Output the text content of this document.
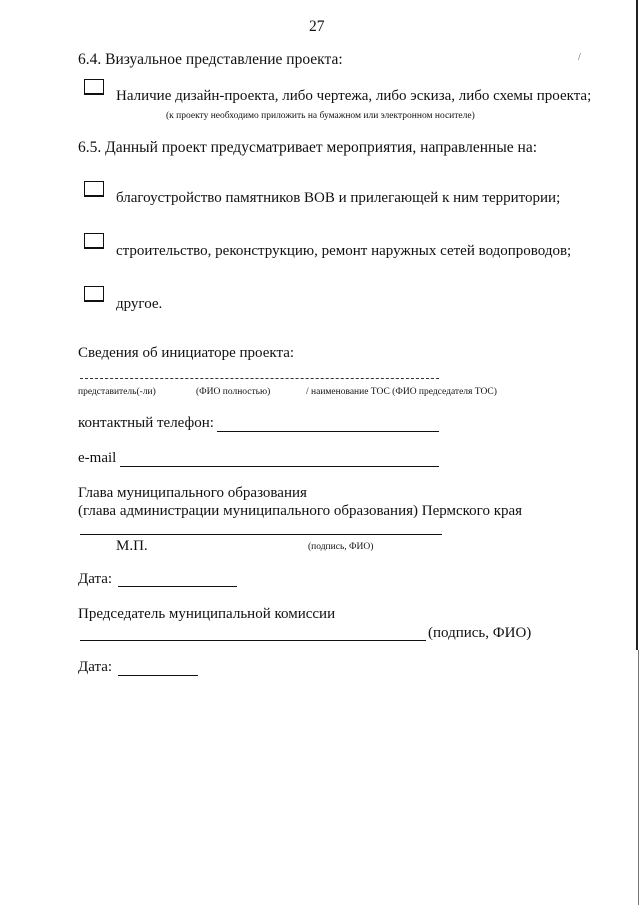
27
/
6.4. Визуальное представление проекта:
Наличие дизайн-проекта, либо чертежа, либо эскиза, либо схемы проекта;
(к проекту необходимо приложить на бумажном или электронном носителе)
6.5. Данный проект предусматривает мероприятия, направленные на:
благоустройство памятников ВОВ и прилегающей к ним территории;
строительство, реконструкцию, ремонт наружных сетей водопроводов;
другое.
Сведения об инициаторе проекта:
представитель(-ли)	(ФИО полностью)	/ наименование ТОС (ФИО председателя ТОС)
контактный телефон:
e-mail
Глава муниципального образования
(глава администрации муниципального образования) Пермского края
М.П.	(подпись, ФИО)
Дата:
Председатель муниципальной комиссии
(подпись, ФИО)
Дата:
